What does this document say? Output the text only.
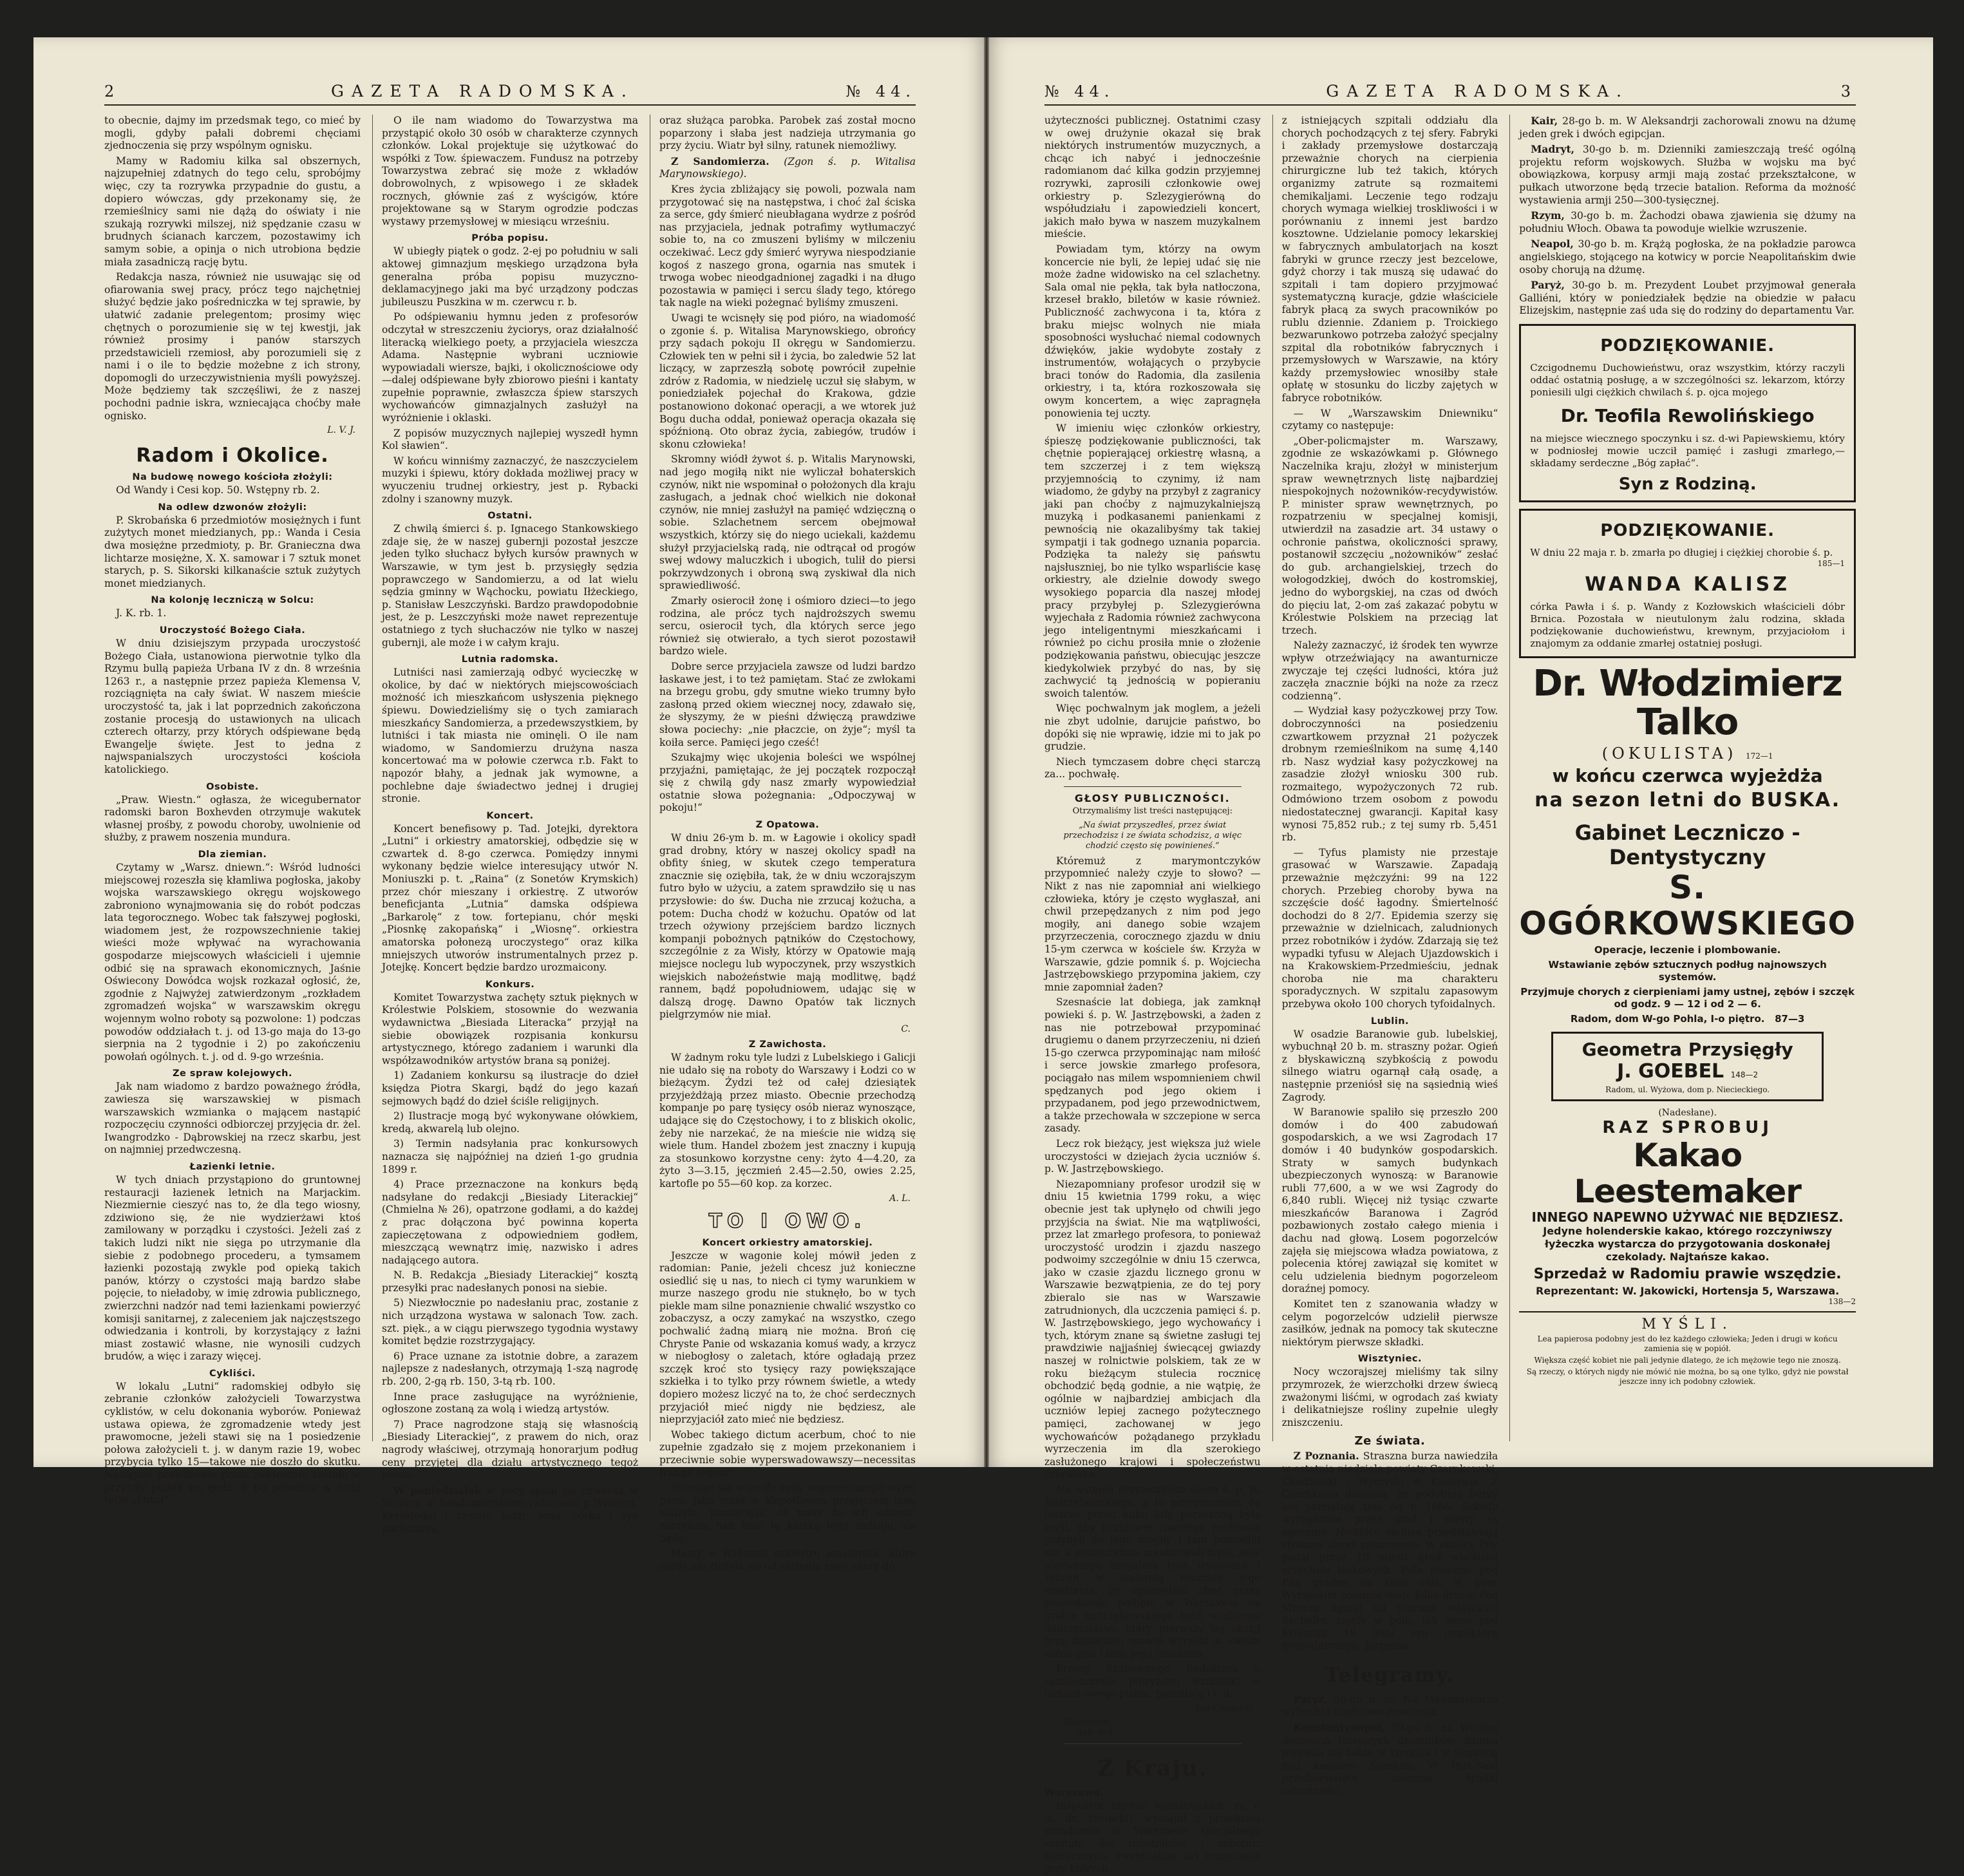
2	GAZETA RADOMSKA.	№ 44.

to obecnie, dajmy im przedsmak tego, co mieć by mogli, gdyby pałali dobremi chęciami zjednoczenia się przy wspólnym ognisku.

Mamy w Radomiu kilka sal obszernych, najzupełniej zdatnych do tego celu, sprobójmy więc, czy ta rozrywka przypadnie do gustu, a dopiero wówczas, gdy przekonamy się, że rzemieślnicy sami nie dążą do oświaty i nie szukają rozrywki milszej, niż spędzanie czasu w brudnych ścianach karczem, pozostawimy ich samym sobie, a opinja o nich utrobiona będzie miała zasadniczą rację bytu.

Redakcja nasza, również nie usuwając się od ofiarowania swej pracy, prócz tego najchętniej służyć będzie jako pośredniczka w tej sprawie, by ułatwić zadanie prelegentom; prosimy więc chętnych o porozumienie się w tej kwestji, jak również prosimy i panów starszych przedstawicieli rzemiosł, aby porozumieli się z nami i o ile to będzie możebne z ich strony, dopomogli do urzeczywistnienia myśli powyższej. Może będziemy tak szczęśliwi, że z naszej pochodni padnie iskra, wzniecająca choćby małe ognisko.

L. V. J.
Radom i Okolice.
Na budowę nowego kościoła złożyli:

Od Wandy i Cesi kop. 50. Wstępny rb. 2.

Na odlew dzwonów złożyli:

P. Skrobańska 6 przedmiotów mosiężnych i funt zużytych monet miedzianych, pp.: Wanda i Cesia dwa mosiężne przedmioty, p. Br. Granieczna dwa lichtarze mosiężne, X. X. samowar i 7 sztuk monet starych, p. S. Sikorski kilkanaście sztuk zużytych monet miedzianych.

Na kolonję leczniczą w Solcu:

J. K. rb. 1.

Uroczystość Bożego Ciała.

W dniu dzisiejszym przypada uroczystość Bożego Ciała, ustanowiona pierwotnie tylko dla Rzymu bullą papieża Urbana IV z dn. 8 września 1263 r., a następnie przez papieża Klemensa V, rozciągnięta na cały świat. W naszem mieście uroczystość ta, jak i lat poprzednich zakończona zostanie procesją do ustawionych na ulicach czterech ołtarzy, przy których odśpiewane będą Ewangelje święte. Jest to jedna z najwspanialszych uroczystości kościoła katolickiego.

Osobiste.

„Praw. Wiestn.“ ogłasza, że wicegubernator radomski baron Boxhevden otrzymuje wakutek własnej prośby, z powodu choroby, uwolnienie od służby, z prawem noszenia mundura.

Dla ziemian.

Czytamy w „Warsz. dniewn.“: Wśród ludności miejscowej rozeszła się kłamliwa pogłoska, jakoby wojska warszawskiego okręgu wojskowego zabroniono wynajmowania się do robót podczas lata tegorocznego. Wobec tak fałszywej pogłoski, wiadomem jest, że rozpowszechnienie takiej wieści może wpływać na wyrachowania gospodarze miejscowych właścicieli i ujemnie odbić się na sprawach ekonomicznych, Jaśnie Oświecony Dowódca wojsk rozkazał ogłosić, że, zgodnie z Najwyżej zatwierdzonym „rozkładem zgromadzeń wojska“ w warszawskim okręgu wojennym wolno roboty są pozwolone: 1) podczas powodów oddziałach t. j. od 13-go maja do 13-go sierpnia na 2 tygodnie i 2) po zakończeniu powołań ogólnych. t. j. od d. 9-go września.

Ze spraw kolejowych.

Jak nam wiadomo z bardzo poważnego źródła, zawiesza się warszawskiej w pismach warszawskich wzmianka o mającem nastąpić rozpoczęciu czynności odbiorczej przyjęcia dr. żel. Iwangrodzko - Dąbrowskiej na rzecz skarbu, jest on najmniej przedwczesną.

Łazienki letnie.

W tych dniach przystąpiono do gruntownej restauracji łazienek letnich na Marjackim. Niezmiernie cieszyć nas to, że dla tego wiosny, zdziwiono się, że nie wydzierżawi ktoś zamilowany w porządku i czystości. Jeżeli zaś z takich ludzi nikt nie sięga po utrzymanie dla siebie z podobnego procederu, a tymsamem łazienki pozostają zwykle pod opieką takich panów, którzy o czystości mają bardzo słabe pojęcie, to nieładoby, w imię zdrowia publicznego, zwierzchni nadzór nad temi łazienkami powierzyć komisji sanitarnej, z zaleceniem jak najczęstszego odwiedzania i kontroli, by korzystający z łaźni miast zostawić własne, nie wynosili cudzych brudów, a więc i zarazy więcej.

Cykliści.

W lokalu „Lutni“ radomskiej odbyło się zebranie członków założycieli Towarzystwa cyklistów, w celu dokonania wyborów. Ponieważ ustawa opiewa, że zgromadzenie wtedy jest prawomocne, jeżeli stawi się na 1 posiedzenie połowa założycieli t. j. w danym razie 19, wobec przybycia tylko 15—takowe nie doszło do skutku. Następne posiedzenie przez zawiesznie zostało w przyszły piątek na godz. 6 po południu w lutni tejże „Lutni“.

O ile nam wiadomo do Towarzystwa ma przystąpić około 30 osób w charakterze czynnych członków. Lokal projektuje się użytkować do współki z Tow. śpiewaczem. Fundusz na potrzeby Towarzystwa zebrać się może z wkładów dobrowolnych, z wpisowego i ze składek rocznych, głównie zaś z wyścigów, które projektowane są w Starym ogrodzie podczas wystawy przemysłowej w miesiącu wrześniu.

Próba popisu.

W ubiegły piątek o godz. 2-ej po południu w sali aktowej gimnazjum męskiego urządzona była generalna próba popisu muzyczno-deklamacyjnego jaki ma być urządzony podczas jubileuszu Puszkina w m. czerwcu r. b.

Po odśpiewaniu hymnu jeden z profesorów odczytał w streszczeniu życiorys, oraz działalność literacką wielkiego poety, a przyjaciela wieszcza Adama. Następnie wybrani uczniowie wypowiadali wiersze, bajki, i okolicznościowe ody—dalej odśpiewane były zbiorowo pieśni i kantaty zupełnie poprawnie, zwłaszcza śpiew starszych wychowańców gimnazjalnych zasłużył na wyróżnienie i oklaski.

Z popisów muzycznych najlepiej wyszedł hymn Kol sławien“.

W końcu winniśmy zaznaczyć, że naszczycielem muzyki i śpiewu, który dokłada możliwej pracy w wyuczeniu trudnej orkiestry, jest p. Rybacki zdolny i szanowny muzyk.

Ostatni.

Z chwilą śmierci ś. p. Ignacego Stankowskiego zdaje się, że w naszej gubernji pozostał jeszcze jeden tylko słuchacz byłych kursów prawnych w Warszawie, w tym jest b. przysięgły sędzia poprawczego w Sandomierzu, a od lat wielu sędzia gminny w Wąchocku, powiatu Iłżeckiego, p. Stanisław Leszczyński. Bardzo prawdopodobnie jest, że p. Leszczyński może nawet reprezentuje ostatniego z tych słuchaczów nie tylko w naszej gubernji, ale może i w całym kraju.

Lutnia radomska.

Lutniści nasi zamierzają odbyć wycieczkę w okolice, by dać w niektórych miejscowościach możność ich mieszkańcom usłyszenia pięknego śpiewu. Dowiedzieliśmy się o tych zamiarach mieszkańcy Sandomierza, a przedewszystkiem, by lutniści i tak miasta nie ominęli. O ile nam wiadomo, w Sandomierzu drużyna nasza koncertować ma w połowie czerwca r.b. Fakt to nąpozór błahy, a jednak jak wymowne, a pochlebne daje świadectwo jednej i drugiej stronie.

Koncert.

Koncert benefisowy p. Tad. Jotejki, dyrektora „Lutni“ i orkiestry amatorskiej, odbędzie się w czwartek d. 8-go czerwca. Pomiędzy innymi wykonany będzie wielce interesujący utwór N. Moniuszki p. t. „Raina“ (z Sonetów Krymskich) przez chór mieszany i orkiestrę. Z utworów beneficjanta „Lutnia“ damska odśpiewa „Barkarolę“ z tow. fortepianu, chór męski „Piosnkę zakopańską“ i „Wiosnę“. orkiestra amatorska połonezą uroczystego“ oraz kilka mniejszych utworów instrumentalnych przez p. Jotejkę. Koncert będzie bardzo urozmaicony.

Konkurs.

Komitet Towarzystwa zachęty sztuk pięknych w Królestwie Polskiem, stosownie do wezwania wydawnictwa „Biesiada Literacka“ przyjął na siebie obowiązek rozpisania konkursu artystycznego, którego zadaniem i warunki dla współzawodników artystów brana są poniżej.

1) Zadaniem konkursu są ilustracje do dzieł księdza Piotra Skargi, bądź do jego kazań sejmowych bądź do dzieł ściśle religijnych.

2) Ilustracje mogą być wykonywane ołówkiem, kredą, akwarelą lub olejno.

3) Termin nadsyłania prac konkursowych naznacza się najpóźniej na dzień 1-go grudnia 1899 r.

4) Prace przeznaczone na konkurs będą nadsyłane do redakcji „Biesiady Literackiej“ (Chmielna № 26), opatrzone godłami, a do każdej z prac dołączona być powinna koperta zapieczętowana z odpowiedniem godłem, mieszczącą wewnątrz imię, nazwisko i adres nadającego autora.

N. B. Redakcja „Biesiady Literackiej“ kosztą przesyłki prac nadesłanych ponosi na siebie.

5) Niezwłocznie po nadesłaniu prac, zostanie z nich urządzona wystawa w salonach Tow. zach. szt. pięk., a w ciągu pierwszego tygodnia wystawy komitet będzie rozstrzygający.

6) Prace uznane za istotnie dobre, a zarazem najlepsze z nadesłanych, otrzymają 1-szą nagrodę rb. 200, 2-gą rb. 150, 3-tą rb. 100.

Inne prace zasługujące na wyróżnienie, ogłoszone zostaną za wolą i wiedzą artystów.

7) Prace nagrodzone stają się własnością „Biesiady Literackiej“, z prawem do nich, oraz nagrody właściwej, otrzymają honorarjum podług ceny przyjętej dla działu artystycznego tegoż pisma.

W poniedziałek w nocy spalił się czworak w Słupczy w Sandomierskiem (własność p.Wincent. Kerskiego) i czworo ludzi: żona, córka i syn pachciarza,

oraz służąca parobka. Parobek zaś został mocno poparzony i słaba jest nadzieja utrzymania go przy życiu. Wiatr był silny, ratunek niemożliwy.

Z Sandomierza. (Zgon ś. p. Witalisa Marynowskiego).

Kres życia zbliżający się powoli, pozwala nam przygotować się na następstwa, i choć żal ściska za serce, gdy śmierć nieubłagana wydrze z pośród nas przyjaciela, jednak potrafimy wytłumaczyć sobie to, na co zmuszeni byliśmy w milczeniu oczekiwać. Lecz gdy śmierć wyrywa niespodzianie kogoś z naszego grona, ogarnia nas smutek i trwoga wobec nieodgadnionej zagadki i na długo pozostawia w pamięci i sercu ślady tego, którego tak nagle na wieki pożegnać byliśmy zmuszeni.

Uwagi te wcisnęły się pod pióro, na wiadomość o zgonie ś. p. Witalisa Marynowskiego, obrońcy przy sądach pokoju II okręgu w Sandomierzu. Człowiek ten w pełni sił i życia, bo zaledwie 52 lat liczący, w zaprzeszłą sobotę powrócił zupełnie zdrów z Radomia, w niedzielę uczuł się słabym, w poniedziałek pojechał do Krakowa, gdzie postanowiono dokonać operacji, a we wtorek już Bogu ducha oddał, ponieważ operacja okazała się spóźnioną. Oto obraz życia, zabiegów, trudów i skonu człowieka!

Skromny wiódł żywot ś. p. Witalis Marynowski, nad jego mogiłą nikt nie wyliczał bohaterskich czynów, nikt nie wspominał o położonych dla kraju zasługach, a jednak choć wielkich nie dokonał czynów, nie mniej zasłużył na pamięć wdzięczną o sobie. Szlachetnem sercem obejmował wszystkich, którzy się do niego uciekali, każdemu służył przyjacielską radą, nie odtrącał od progów swej wdowy maluczkich i ubogich, tulił do piersi pokrzywdzonych i obroną swą zyskiwał dla nich sprawiedliwość.

Zmarły osierocił żonę i ośmioro dzieci—to jego rodzina, ale prócz tych najdroższych swemu sercu, osierocił tych, dla których serce jego również się otwierało, a tych sierot pozostawił bardzo wiele.

Dobre serce przyjaciela zawsze od ludzi bardzo łaskawe jest, i to też pamiętam. Stać ze zwłokami na brzegu grobu, gdy smutne wieko trumny było zasłoną przed okiem wiecznej nocy, zdawało się, że słyszymy, że w pieśni dźwięczą prawdziwe słowa pociechy: „nie płaczcie, on żyje“; myśl ta koiła serce. Pamięci jego cześć!

Szukajmy więc ukojenia boleści we wspólnej przyjaźni, pamiętając, że jej początek rozpoczął się z chwilą gdy nasz zmarły wypowiedział ostatnie słowa pożegnania: „Odpoczywaj w pokoju!“

Z Opatowa.

W dniu 26-ym b. m. w Łagowie i okolicy spadł grad drobny, który w naszej okolicy spadł na obfity śnieg, w skutek czego temperatura znacznie się oziębiła, tak, że w dniu wczorajszym futro było w użyciu, a zatem sprawdziło się u nas przysłowie: do św. Ducha nie zrzucaj kożucha, a potem: Ducha chodź w kożuchu. Opatów od lat trzech ożywiony przejściem bardzo licznych kompanji pobożnych pątników do Częstochowy, szczególnie z za Wisły, którzy w Opatowie mają miejsce noclegu lub wypoczynek, przy wszystkich wiejskich nabożeństwie mają modlitwę, bądź rannem, bądź popołudniowem, udając się w dalszą drogę. Dawno Opatów tak licznych pielgrzymów nie miał.

C.
Z Zawichosta.

W żadnym roku tyle ludzi z Lubelskiego i Galicji nie udało się na roboty do Warszawy i Łodzi co w bieżącym. Żydzi też od całej dziesiątek przyjeżdżają przez miasto. Obecnie przechodzą kompanje po parę tysięcy osób nieraz wynoszące, udające się do Częstochowy, i to z bliskich okolic, żeby nie narzekać, że na mieście nie widzą się wiele tłum. Handel zbożem jest znaczny i kupują za stosunkowo korzystne ceny: żyto 4—4.20, za żyto 3—3.15, jęczmień 2.45—2.50, owies 2.25, kartofle po 55—60 kop. za korzec.

A. L.
TO I OWO.
Koncert orkiestry amatorskiej.

Jeszcze w wagonie kolej mówił jeden z radomian: Panie, jeżeli chcesz już konieczne osiedlić się u nas, to niech ci tymy warunkiem w murze naszego grodu nie stuknęło, bo w tych piekle mam silne ponaznienie chwalić wszystko co zobaczysz, a oczy zamykać na wszystko, czego pochwalić żadną miarą nie można. Broń cię Chryste Panie od wskazania komuś wady, a krzycz w niebogłosy o zaletach, które ogładają przez szczęk kroć sto tysięcy razy powiększające szkiełka i to tylko przy równem świetle, a wtedy dopiero możesz liczyć na to, że choć serdecznych przyjaciół mieć nigdy nie będziesz, ale nieprzyjaciół zato mieć nie będziesz.

Wobec takiego dictum acerbum, choć to nie zupełnie zgadzało się z mojem przekonaniem i przeciwnie sobie wyperswadowawszy—necessitas frangit legem!

Stosując się więc do rady wspomnianego wyżej pana, jaka mnie w kłopotliwem przyjęciem mną zbliżyła, pamiętając, że mnie do ich odnosić zaczynam nań brać tę kartkę tego rodzaju nie będę.

Mamy w Radomiu orkiestrę amatorską, która nigdy nie złożyła się od złożenia swej ofiary do

№ 44.	GAZETA RADOMSKA.	3

użyteczności publicznej. Ostatnimi czasy w owej drużynie okazał się brak niektórych instrumentów muzycznych, a chcąc ich nabyć i jednocześnie radomianom dać kilka godzin przyjemnej rozrywki, zaprosili członkowie owej orkiestry p. Szlezygierówną do współudziału i zapowiedzieli koncert, jakich mało bywa w naszem muzykalnem mieście.

Powiadam tym, którzy na owym koncercie nie byli, że lepiej udać się nie może żadne widowisko na cel szlachetny. Sala omal nie pękła, tak była natłoczona, krzeseł brakło, biletów w kasie również. Publiczność zachwycona i ta, która z braku miejsc wolnych nie miała sposobności wysłuchać niemal codownych dźwięków, jakie wydobyte zostały z instrumentów, wołających o przybycie braci tonów do Radomia, dla zasilenia orkiestry, i ta, która rozkoszowała się owym koncertem, a więc zapragnęła ponowienia tej uczty.

W imieniu więc członków orkiestry, śpieszę podziękowanie publiczności, tak chętnie popierającej orkiestrę własną, a tem szczerzej i z tem większą przyjemnością to czynimy, iż nam wiadomo, że gdyby na przybył z zagranicy jaki pan choćby z najmuzykalniejszą muzyką i podkasanemi panienkami z pewnością nie okazalibyśmy tak takiej sympatji i tak godnego uznania poparcia. Podzięka ta należy się pańswtu najsłuszniej, bo nie tylko wsparliście kasę orkiestry, ale dzielnie dowody swego wysokiego poparcia dla naszej młodej pracy przybyłej p. Szlezygierówna wyjechała z Radomia również zachwycona jego inteligentnymi mieszkańcami i również po cichu prosiła mnie o złożenie podziękowania państwu, obiecując jeszcze kiedykolwiek przybyć do nas, by się zachwycić tą jednością w popieraniu swoich talentów.

Więc pochwalnym jak moglem, a jeżeli nie zbyt udolnie, darujcie państwo, bo dopóki się nie wprawię, idzie mi to jak po grudzie.

Niech tymczasem dobre chęci starczą za... pochwałę.

GŁOSY PUBLICZNOŚCI.
Otrzymaliśmy list treści następującej:
„Na świat przyszedłeś, przez świat przechodzisz i ze świata schodzisz, a więc chodzić często się powinieneś.“

Któremuż z marymontczyków przypomnieć należy czyje to słowo? — Nikt z nas nie zapomniał ani wielkiego człowieka, który je często wygłaszał, ani chwil przepędzanych z nim pod jego mogiły, ani danego sobie wzajem przyrzeczenia, corocznego zjazdu w dniu 15-ym czerwca w kościele św. Krzyża w Warszawie, gdzie pomnik ś. p. Wojciecha Jastrzębowskiego przypomina jakiem, czy mnie zapomniał żaden?

Szesnaście lat dobiega, jak zamknął powieki ś. p. W. Jastrzębowski, a żaden z nas nie potrzebował przypominać drugiemu o danem przyrzeczeniu, ni dzień 15-go czerwca przypominając nam miłość i serce jowskie zmarłego profesora, pociągało nas milem wspomnieniem chwil spędzanych pod jego okiem i przypadanem, pod jego przewodnictwem, a także przechowała w szczepione w serca zasady.

Lecz rok bieżący, jest większa już wiele uroczystości w dziejach życia uczniów ś. p. W. Jastrzębowskiego.

Niezapomniany profesor urodził się w dniu 15 kwietnia 1799 roku, a więc obecnie jest tak upłynęło od chwili jego przyjścia na świat. Nie ma wątpliwości, przez lat zmarłego profesora, to ponieważ uroczystość urodzin i zjazdu naszego podwoimy szczególnie w dniu 15 czerwca, jako w czasie zjazdu licznego gronu w Warszawie bezwątpienia, ze do tej pory zbieralo sie nas w Warszawie zatrudnionych, dla uczczenia pamięci ś. p. W. Jastrzębowskiego, jego wychowańcy i tych, którym znane są świetne zasługi tej prawdziwie najjaśniej świecącej gwiazdy naszej w rolnictwie polskiem, tak ze w roku bieżącym stulecia rocznicę obchodzić będą godnie, a nie wątpię, że ogólnie w najbardziej ambicjach dla uczniów lepiej zacnego pożytecznego pamięci, zachowanej w jego wychowańców pożądanego przykładu wyrzeczenia im dla szerokiego zasłużonego krajowi i społeczeństwu człowieka.

Na wstępie przytoczyłem słowa ś. p. W. Jastrzębowskiego, a to przypominam, że jeszcze przed kilku laty poruszoną była myśl, aby uczniowie zmarłego profesora przybyli do jego mogiły i tam pomodlili się, a jednocześnie zrealizowali myśl, żeby pierwszego inicjatora tych wycieczek i zebrań w stuletnią rocznicę jego urodzenia, by upamiętnić choć przez pochodzenie podjęte w Warszawie na grobie Jastrzębowskiego hołd wielkiemu nauczycielowi, który pierwszy tej okazji przy dzisiejszej mowie wyrzekł w swoim sercu głos i imię jego imieniem.

Proszę Szanownego Redaktora o zamieszczenie powyższej wzmianki w łamach swego pisma, pozostaję i t. d.

Jan Chajecki.
Ulanowice,
gub. rad.
Z Kraju.
Warszawa.

Inspektor szpitali warszawskich, rz. r. st. dr. Troiecki), wystąpił z projektem urządzenia w Warszawie specjalnego szpitala dla robotników i robotnic fabrycznych, ewentualnie zaś urządzenia przy których

z istniejących szpitali oddziału dla chorych pochodzących z tej sfery. Fabryki i zakłady przemysłowe dostarczają przeważnie chorych na cierpienia chirurgiczne lub też takich, których organizmy zatrute są rozmaitemi chemikaljami. Leczenie tego rodzaju chorych wymaga wielkiej troskliwości i w porównaniu z innemi jest bardzo kosztowne. Udzielanie pomocy lekarskiej w fabrycznych ambulatorjach na koszt fabryki w grunce rzeczy jest bezcelowe, gdyż chorzy i tak muszą się udawać do szpitali i tam dopiero przyjmować systematyczną kuracje, gdzie właściciele fabryk płacą za swych pracowników po rublu dziennie. Zdaniem p. Troickiego bezwarunkowo potrzeba założyć specjalny szpital dla robotników fabrycznych i przemysłowych w Warszawie, na który każdy przemysłowiec wnosiłby stałe opłatę w stosunku do liczby zajętych w fabryce robotników.

— W „Warszawskim Dniewniku“ czytamy co następuje:

„Ober-policmajster m. Warszawy, zgodnie ze wskazówkami p. Głównego Naczelnika kraju, złożył w ministerjum spraw wewnętrznych listę najbardziej niespokojnych nożowników-recydywistów. P. minister spraw wewnętrznych, po rozpatrzeniu w specjalnej komisji, utwierdził na zasadzie art. 34 ustawy o ochronie państwa, okoliczności sprawy, postanowił szczęciu „nożowników“ zesłać do gub. archangielskiej, trzech do wołogodzkiej, dwóch do kostromskiej, jedno do wyborgskiej, na czas od dwóch do pięciu lat, 2-om zaś zakazać pobytu w Królestwie Polskiem na przeciąg lat trzech.

Należy zaznaczyć, iż środek ten wywrze wpływ otrzeźwiający na awanturnicze zwyczaje tej części ludności, która już zaczęła znacznie bójki na noże za rzecz codzienną“.

— Wydział kasy pożyczkowej przy Tow. dobroczynności na posiedzeniu czwartkowem przyznał 21 pożyczek drobnym rzemieślnikom na sumę 4,140 rb. Nasz wydział kasy pożyczkowej na zasadzie złożył wniosku 300 rub. rozmaitego, wypożyczonych 72 rub. Odmówiono trzem osobom z powodu niedostatecznej gwarancji. Kapitał kasy wynosi 75,852 rub.; z tej sumy rb. 5,451 rb.

— Tyfus plamisty nie przestaje grasować w Warszawie. Zapadają przeważnie mężczyźni: 99 na 122 chorych. Przebieg choroby bywa na szczęście dość łagodny. Śmiertelność dochodzi do 8 2/7. Epidemia szerzy się przeważnie w dzielnicach, zaludnionych przez robotników i żydów. Zdarzają się też wypadki tyfusu w Alejach Ujazdowskich i na Krakowskiem-Przedmieściu, jednak choroba nie ma charakteru sporadycznych. W szpitalu zapasowym przebywa około 100 chorych tyfoidalnych.

Lublin.

W osadzie Baranowie gub. lubelskiej, wybuchnął 20 b. m. straszny pożar. Ogień z błyskawiczną szybkością z powodu silnego wiatru ogarnął całą osadę, a następnie przeniósł się na sąsiednią wieś Zagrody.

W Baranowie spaliło się przeszło 200 domów i do 400 zabudowań gospodarskich, a we wsi Zagrodach 17 domów i 40 budynków gospodarskich. Straty w samych budynkach ubezpieczonych wynoszą: w Baranowie rubli 77,600, a w we wsi Zagrody do 6,840 rubli. Więcej niż tysiąc czwarte mieszkańców Baranowa i Zagród pozbawionych zostało całego mienia i dachu nad głową. Losem pogorzelców zajęła się miejscowa władza powiatowa, z polecenia której zawiązał się komitet w celu udzielenia biednym pogorzeleom doraźnej pomocy.

Komitet ten z szanowania władzy w celym pogorzelców udzielił pierwsze zasiłków, jednak na pomocy tak skuteczne niektórym pierwsze składki.

Wisztyniec.

Nocy wczorajszej mieliśmy tak silny przymrozek, że wierzchołki drzew świecą zważonymi liśćmi, w ogrodach zaś kwiaty i delikatniejsze rośliny zupełnie uległy zniszczeniu.

Ze świata.

Z Poznania. Straszna burza nawiedziła w ostatnią niedzielę powiaty Czarnkowski, Chodzieski i Wyrzyski w Księstwie. Z Czarnkowa donoszą, że podobnej burzy nie pamiętają tam od r. 1866. Szkody wyrządzone przez grad i ulewy są ogromne. Niektóre okolice przedstawiają straszny obraz zniszczenia. W okolicy Piły padał przez 10 minut grad wielkości orzechów laskowych. Pola pszenne pod Piłą graden na kilka cali. W pow. Wyrzyskim połamał wiatr kilka drzew. Pod Mroczą zginął od pioruna właściciel Sechafer, zajęty w polu, tak samo pod Krajanką 19 letni syn inspektora gospodarczego, Jurgensa.

Telegramy.

Paryż, 30-go b. m. Na Madagaskarze wybuchła częściowa rewolucja.

Konstantynopol, 30-go b. m. Według doniesień tutejszych dzienników, dżuma pojawiła się także w Izmailia i w Sagastig nad kanałem Sueskim. W Port-Said przedsięwzięto znaczne środki ostrożności.

Kair, 28-go b. m. W Aleksandrji zachorowali znowu na dżumę jeden grek i dwóch egipcjan.

Madryt, 30-go b. m. Dzienniki zamieszczają treść ogólną projektu reform wojskowych. Służba w wojsku ma być obowiązkowa, korpusy armji mają zostać przekształcone, w pułkach utworzone będą trzecie batalion. Reforma da możność wystawienia armji 250—300-tysięcznej.

Rzym, 30-go b. m. Żachodzi obawa zjawienia się dżumy na południu Włoch. Obawa ta powoduje wielkie wzruszenie.

Neapol, 30-go b. m. Krążą pogłoska, że na pokładzie parowca angielskiego, stojącego na kotwicy w porcie Neapolitańskim dwie osoby chorują na dżumę.

Paryż, 30-go b. m. Prezydent Loubet przyjmował generała Galliéni, który w poniedziałek będzie na obiedzie w pałacu Elizejskim, następnie zaś uda się do rodziny do departamentu Var.

PODZIĘKOWANIE.
Czcigodnemu Duchowieństwu, oraz wszystkim, którzy raczyli oddać ostatnią posługę, a w szczególności sz. lekarzom, którzy poniesili ulgi ciężkich chwilach ś. p. ojca mojego
Dr. Teofila Rewolińskiego
na miejsce wiecznego spoczynku i sz. d-wi Papiewskiemu, który w podniosłej mowie uczcił pamięć i zasługi zmarłego,—składamy serdeczne „Bóg zapłać“.
Syn z Rodziną.
PODZIĘKOWANIE.
W dniu 22 maja r. b. zmarła po długiej i ciężkiej chorobie ś. p.
185—1
WANDA KALISZ
córka Pawła i ś. p. Wandy z Kozłowskich właścicieli dóbr Brnica. Pozostała w nieutulonym żalu rodzina, składa podziękowanie duchowieństwu, krewnym, przyjaciołom i znajomym za oddanie zmarłej ostatniej posługi.
Dr. Włodzimierz Talko
(OKULISTA) 172—1
w końcu czerwca wyjeżdża
na sezon letni do BUSKA.
Gabinet Leczniczo - Dentystyczny
S. OGÓRKOWSKIEGO
Operacje, leczenie i plombowanie.
Wstawianie zębów sztucznych podług najnowszych systemów.
Przyjmuje chorych z cierpieniami jamy ustnej, zębów i szczęk od godz. 9 — 12 i od 2 — 6.
Radom, dom W-go Pohla, I-o piętro. 87—3
Geometra Przysięgły
J. GOEBEL 148—2
Radom, ul. Wyżowa, dom p. Niecieckiego.
(Nadesłane).
RAZ SPROBUJ
Kakao Leestemaker
INNEGO NAPEWNO UŻYWAĆ NIE BĘDZIESZ.
Jedyne holenderskie kakao, którego rozczyniwszy łyżeczka wystarcza do przygotowania doskonałej czekolady. Najtańsze kakao.
Sprzedaż w Radomiu prawie wszędzie.
Reprezentant: W. Jakowicki, Hortensja 5, Warszawa.
138—2
MYŚLI.
Lea papierosa podobny jest do łez każdego człowieka; Jeden i drugi w końcu zamienia się w popiół.
Większa część kobiet nie pali jedynie dlatego, że ich mężowie tego nie znoszą.
Są rzeczy, o których nigdy nie mówić nie można, bo są one tylko, gdyż nie powstał jeszcze inny ich podobny człowiek.
